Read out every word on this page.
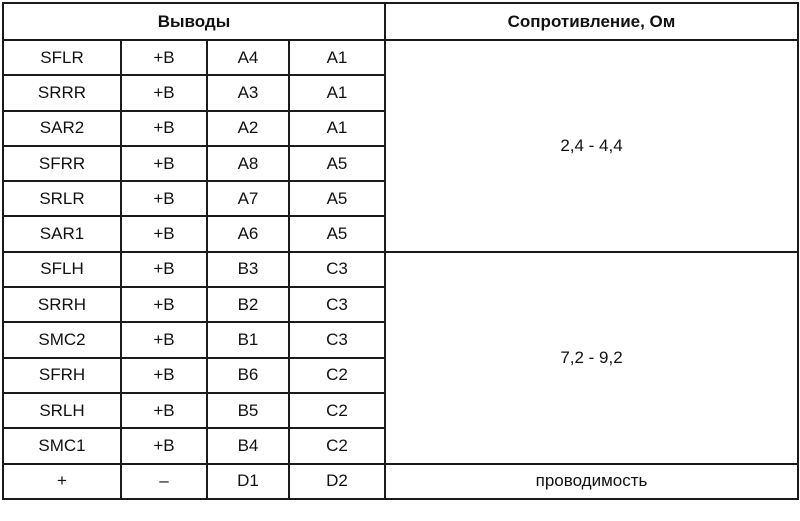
Выводы				Сопротивление, Ом
SFLR	+B	A4	A1	2,4 - 4,4
SRRR	+B	A3	A1	
SAR2	+B	A2	A1	
SFRR	+B	A8	A5	
SRLR	+B	A7	A5	
SAR1	+B	A6	A5	
SFLH	+B	B3	C3	7,2 - 9,2
SRRH	+B	B2	C3	
SMC2	+B	B1	C3	
SFRH	+B	B6	C2	
SRLH	+B	B5	C2	
SMC1	+B	B4	C2	
+	–	D1	D2	проводимость
